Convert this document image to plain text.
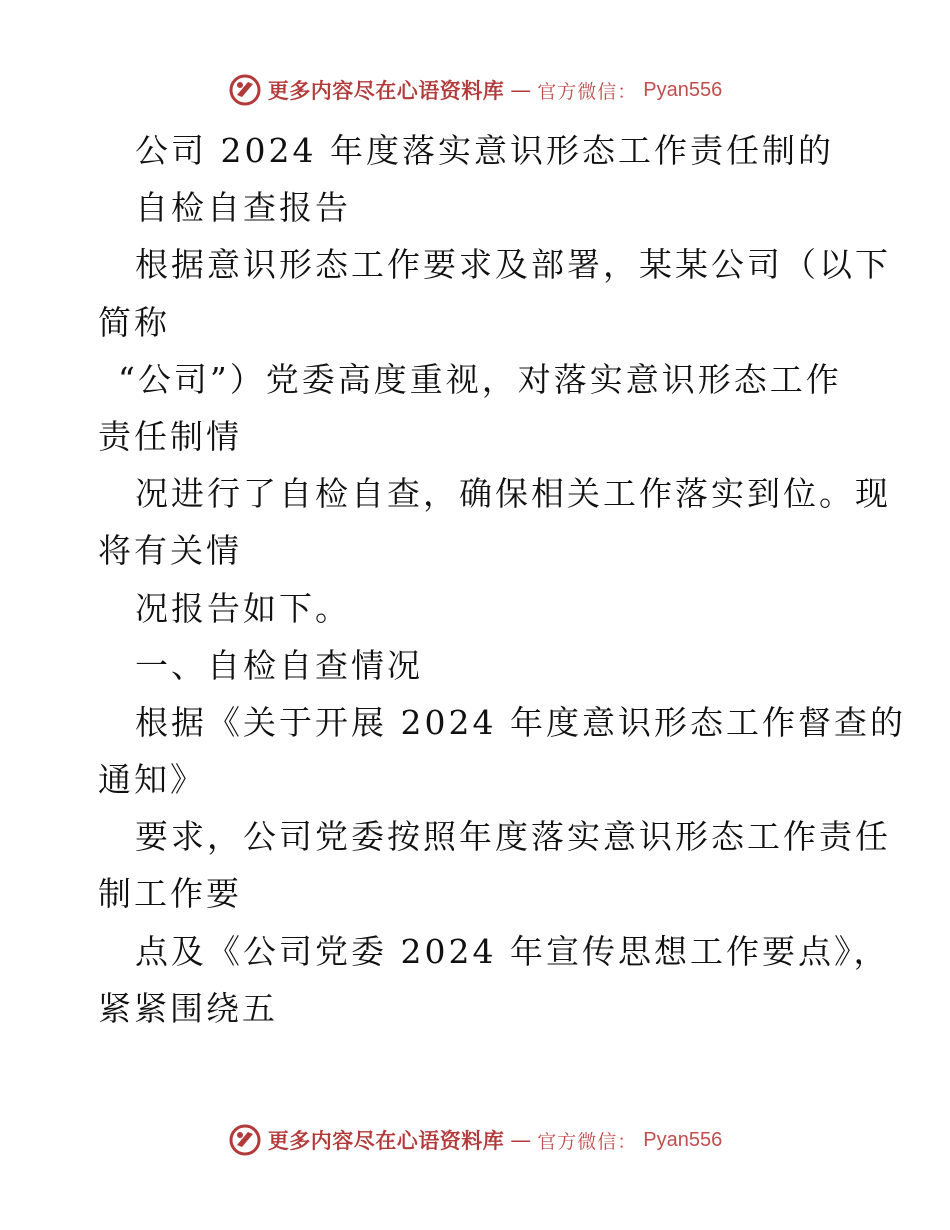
更多内容尽在心语资料库 — 官方微信： Pyan556
公司 2024 年度落实意识形态工作责任制的
自检自查报告
根据意识形态工作要求及部署，某某公司（以下
简称
“公司”）党委高度重视，对落实意识形态工作
责任制情
况进行了自检自查，确保相关工作落实到位。现
将有关情
况报告如下。
一、自检自查情况
根据《关于开展 2024 年度意识形态工作督查的
通知》
要求，公司党委按照年度落实意识形态工作责任
制工作要
点及《公司党委 2024 年宣传思想工作要点》，
紧紧围绕五
更多内容尽在心语资料库 — 官方微信： Pyan556
